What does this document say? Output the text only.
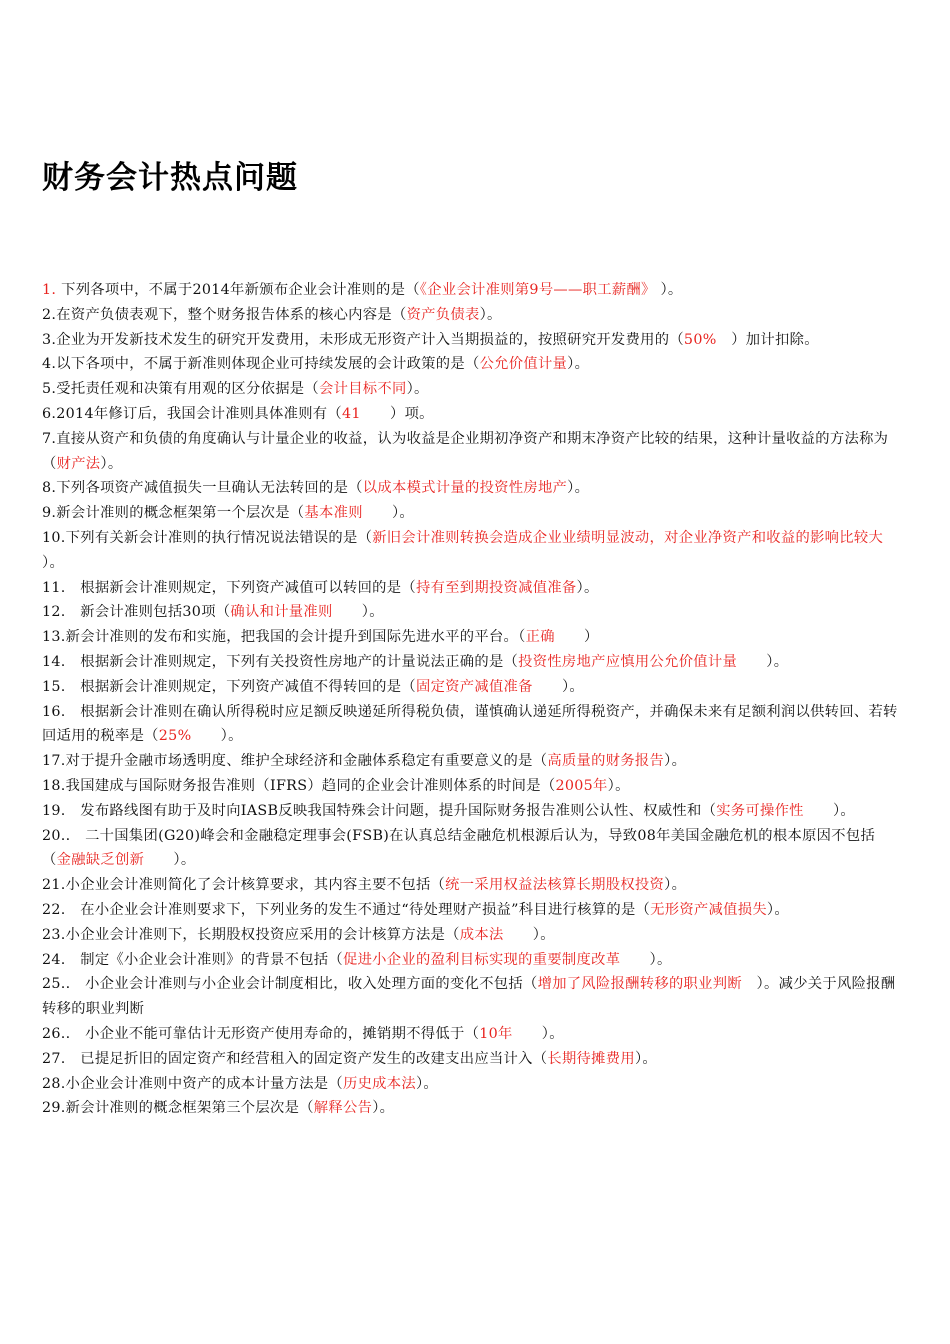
财务会计热点问题
1. 下列各项中，不属于2014年新颁布企业会计准则的是（《企业会计准则第9号——职工薪酬》 ）。
2.在资产负债表观下，整个财务报告体系的核心内容是（资产负债表）。
3.企业为开发新技术发生的研究开发费用，未形成无形资产计入当期损益的，按照研究开发费用的（50%　）加计扣除。
4.以下各项中，不属于新准则体现企业可持续发展的会计政策的是（公允价值计量）。
5.受托责任观和决策有用观的区分依据是（会计目标不同）。
6.2014年修订后，我国会计准则具体准则有（41　　）项。
7.直接从资产和负债的角度确认与计量企业的收益，认为收益是企业期初净资产和期末净资产比较的结果，这种计量收益的方法称为（财产法）。
8.下列各项资产减值损失一旦确认无法转回的是（以成本模式计量的投资性房地产）。
9.新会计准则的概念框架第一个层次是（基本准则　　）。
10.下列有关新会计准则的执行情况说法错误的是（新旧会计准则转换会造成企业业绩明显波动，对企业净资产和收益的影响比较大　　）。
11.　根据新会计准则规定，下列资产减值可以转回的是（持有至到期投资减值准备）。
12.　新会计准则包括30项（确认和计量准则　　）。
13.新会计准则的发布和实施，把我国的会计提升到国际先进水平的平台。（正确　　）
14.　根据新会计准则规定，下列有关投资性房地产的计量说法正确的是（投资性房地产应慎用公允价值计量　　）。
15.　根据新会计准则规定，下列资产减值不得转回的是（固定资产减值准备　　）。
16.　根据新会计准则在确认所得税时应足额反映递延所得税负债，谨慎确认递延所得税资产，并确保未来有足额利润以供转回、若转回适用的税率是（25%　　）。
17.对于提升金融市场透明度、维护全球经济和金融体系稳定有重要意义的是（高质量的财务报告）。
18.我国建成与国际财务报告准则（IFRS）趋同的企业会计准则体系的时间是（2005年）。
19.　发布路线图有助于及时向IASB反映我国特殊会计问题，提升国际财务报告准则公认性、权威性和（实务可操作性　　）。
20..　二十国集团(G20)峰会和金融稳定理事会(FSB)在认真总结金融危机根源后认为，导致08年美国金融危机的根本原因不包括（金融缺乏创新　　）。
21.小企业会计准则简化了会计核算要求，其内容主要不包括（统一采用权益法核算长期股权投资）。
22.　在小企业会计准则要求下，下列业务的发生不通过“待处理财产损益”科目进行核算的是（无形资产减值损失）。
23.小企业会计准则下，长期股权投资应采用的会计核算方法是（成本法　　）。
24.　制定《小企业会计准则》的背景不包括（促进小企业的盈利目标实现的重要制度改革　　）。
25..　小企业会计准则与小企业会计制度相比，收入处理方面的变化不包括（增加了风险报酬转移的职业判断　）。减少关于风险报酬转移的职业判断
26..　小企业不能可靠估计无形资产使用寿命的，摊销期不得低于（10年　　）。
27.　已提足折旧的固定资产和经营租入的固定资产发生的改建支出应当计入（长期待摊费用）。
28.小企业会计准则中资产的成本计量方法是（历史成本法）。
29.新会计准则的概念框架第三个层次是（解释公告）。
